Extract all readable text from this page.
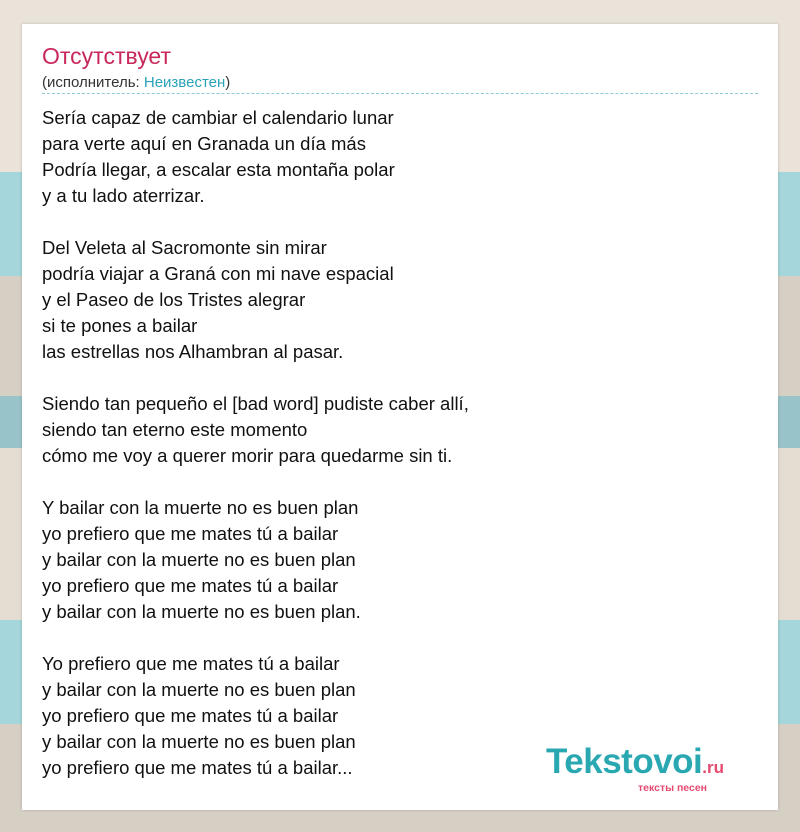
Отсутствует
(исполнитель: Неизвестен)
Sería capaz de cambiar el calendario lunar
para verte aquí en Granada un día más
Podría llegar, a escalar esta montaña polar
y a tu lado aterrizar.
Del Veleta al Sacromonte sin mirar
podría viajar a Graná con mi nave espacial
y el Paseo de los Tristes alegrar
si te pones a bailar
las estrellas nos Alhambran al pasar.
Siendo tan pequeño el [bad word] pudiste caber allí,
siendo tan eterno este momento
cómo me voy a querer morir para quedarme sin ti.
Y bailar con la muerte no es buen plan
yo prefiero que me mates tú a bailar
y bailar con la muerte no es buen plan
yo prefiero que me mates tú a bailar
y bailar con la muerte no es buen plan.
Yo prefiero que me mates tú a bailar
y bailar con la muerte no es buen plan
yo prefiero que me mates tú a bailar
y bailar con la muerte no es buen plan
yo prefiero que me mates tú a bailar...	Tekstovoi.ru
тексты песен
